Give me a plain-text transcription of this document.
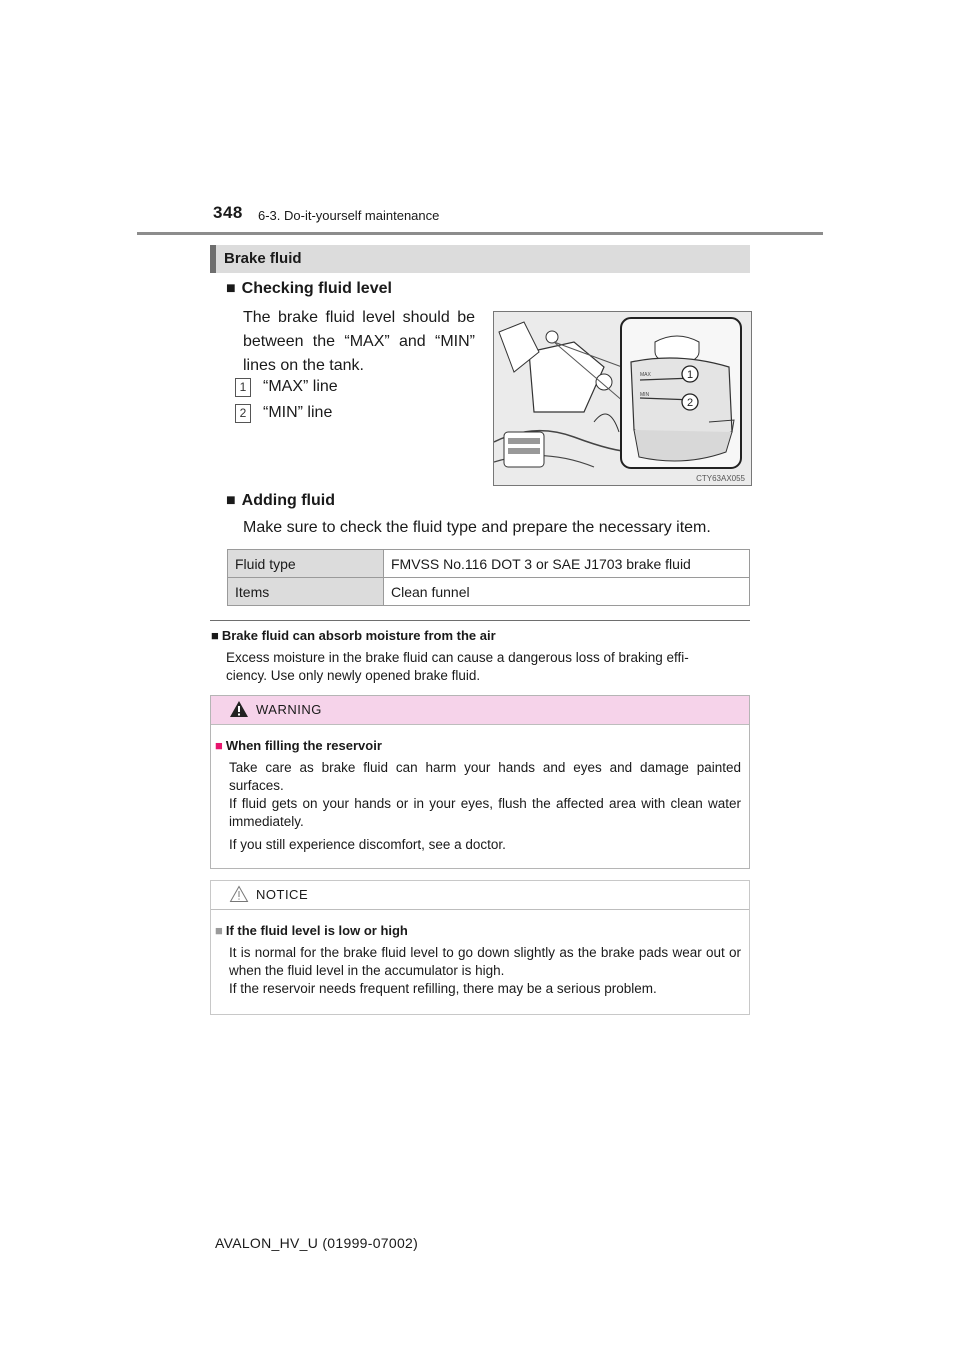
348 6-3. Do-it-yourself maintenance
Brake fluid
■ Checking fluid level
The brake fluid level should be
between the “MAX” and “MIN”
lines on the tank.
1 “MAX” line
2 “MIN” line
MAX
MIN
1
2
CTY63AX055
■ Adding fluid
Make sure to check the fluid type and prepare the necessary item.
Fluid type	FMVSS No.116 DOT 3 or SAE J1703 brake fluid
Items	Clean funnel
■ Brake fluid can absorb moisture from the air
Excess moisture in the brake fluid can cause a dangerous loss of braking effi-
ciency. Use only newly opened brake fluid.
WARNING
■ When filling the reservoir
Take care as brake fluid can harm your hands and eyes and damage painted surfaces.
If fluid gets on your hands or in your eyes, flush the affected area with clean water immediately.
If you still experience discomfort, see a doctor.
NOTICE
■ If the fluid level is low or high
It is normal for the brake fluid level to go down slightly as the brake pads wear out or when the fluid level in the accumulator is high.
If the reservoir needs frequent refilling, there may be a serious problem.
AVALON_HV_U (01999-07002)
